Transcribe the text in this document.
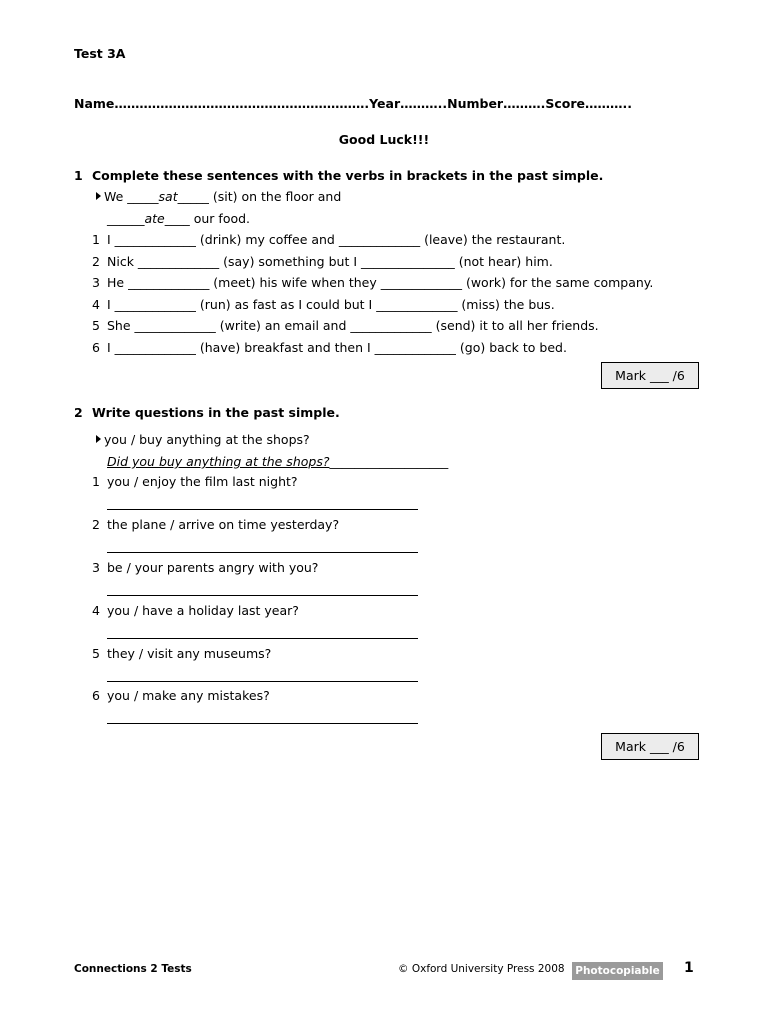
Test 3A
Name…………………………………………………….Year………..Number……….Score………..
Good Luck!!!
1 Complete these sentences with the verbs in brackets in the past simple.
We _____sat_____ (sit) on the floor and
______ate____ our food.
1 I _____________ (drink) my coffee and _____________ (leave) the restaurant.
2 Nick _____________ (say) something but I _______________ (not hear) him.
3 He _____________ (meet) his wife when they _____________ (work) for the same company.
4 I _____________ (run) as fast as I could but I _____________ (miss) the bus.
5 She _____________ (write) an email and _____________ (send) it to all her friends.
6 I _____________ (have) breakfast and then I _____________ (go) back to bed.
Mark ___ /6
2 Write questions in the past simple.
you / buy anything at the shops?
Did you buy anything at the shops?___________________
1 you / enjoy the film last night?
2 the plane / arrive on time yesterday?
3 be / your parents angry with you?
4 you / have a holiday last year?
5 they / visit any museums?
6 you / make any mistakes?
Mark ___ /6
Connections 2 Tests	© Oxford University Press 2008	Photocopiable 1
